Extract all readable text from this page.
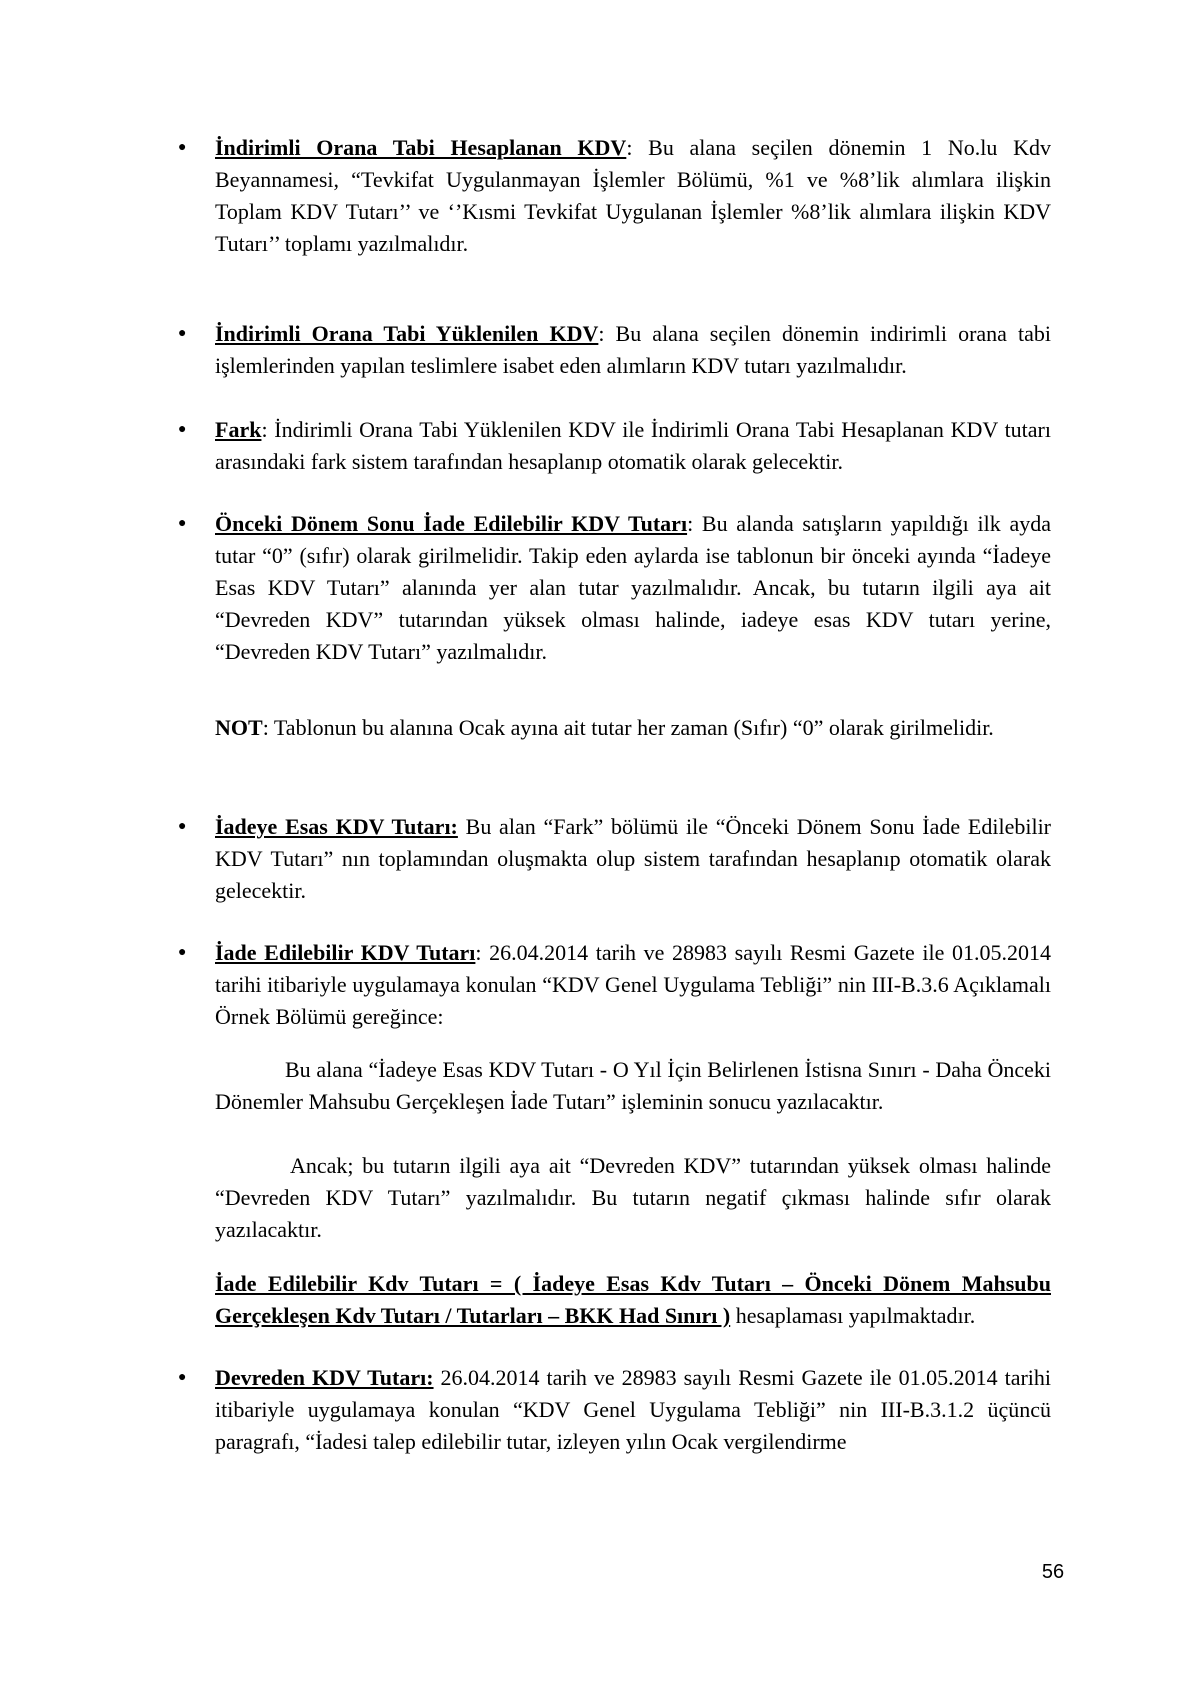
● İndirimli Orana Tabi Hesaplanan KDV: Bu alana seçilen dönemin 1 No.lu Kdv Beyannamesi, “Tevkifat Uygulanmayan İşlemler Bölümü, %1 ve %8’lik alımlara ilişkin Toplam KDV Tutarı’’ ve ‘’Kısmi Tevkifat Uygulanan İşlemler %8’lik alımlara ilişkin KDV Tutarı’’ toplamı yazılmalıdır.

● İndirimli Orana Tabi Yüklenilen KDV: Bu alana seçilen dönemin indirimli orana tabi işlemlerinden yapılan teslimlere isabet eden alımların KDV tutarı yazılmalıdır.

● Fark: İndirimli Orana Tabi Yüklenilen KDV ile İndirimli Orana Tabi Hesaplanan KDV tutarı arasındaki fark sistem tarafından hesaplanıp otomatik olarak gelecektir.

● Önceki Dönem Sonu İade Edilebilir KDV Tutarı: Bu alanda satışların yapıldığı ilk ayda tutar “0” (sıfır) olarak girilmelidir. Takip eden aylarda ise tablonun bir önceki ayında “İadeye Esas KDV Tutarı” alanında yer alan tutar yazılmalıdır. Ancak, bu tutarın ilgili aya ait “Devreden KDV” tutarından yüksek olması halinde, iadeye esas KDV tutarı yerine, “Devreden KDV Tutarı” yazılmalıdır.

NOT: Tablonun bu alanına Ocak ayına ait tutar her zaman (Sıfır) “0” olarak girilmelidir.

● İadeye Esas KDV Tutarı: Bu alan “Fark” bölümü ile “Önceki Dönem Sonu İade Edilebilir KDV Tutarı” nın toplamından oluşmakta olup sistem tarafından hesaplanıp otomatik olarak gelecektir.

● İade Edilebilir KDV Tutarı: 26.04.2014 tarih ve 28983 sayılı Resmi Gazete ile 01.05.2014 tarihi itibariyle uygulamaya konulan “KDV Genel Uygulama Tebliği” nin III-B.3.6 Açıklamalı Örnek Bölümü gereğince:

Bu alana “İadeye Esas KDV Tutarı - O Yıl İçin Belirlenen İstisna Sınırı - Daha Önceki Dönemler Mahsubu Gerçekleşen İade Tutarı” işleminin sonucu yazılacaktır.

Ancak; bu tutarın ilgili aya ait “Devreden KDV” tutarından yüksek olması halinde “Devreden KDV Tutarı” yazılmalıdır. Bu tutarın negatif çıkması halinde sıfır olarak yazılacaktır.

İade Edilebilir Kdv Tutarı = ( İadeye Esas Kdv Tutarı – Önceki Dönem Mahsubu Gerçekleşen Kdv Tutarı / Tutarları – BKK Had Sınırı ) hesaplaması yapılmaktadır.

● Devreden KDV Tutarı: 26.04.2014 tarih ve 28983 sayılı Resmi Gazete ile 01.05.2014 tarihi itibariyle uygulamaya konulan “KDV Genel Uygulama Tebliği” nin III-B.3.1.2 üçüncü paragrafı, “İadesi talep edilebilir tutar, izleyen yılın Ocak vergilendirme

56
